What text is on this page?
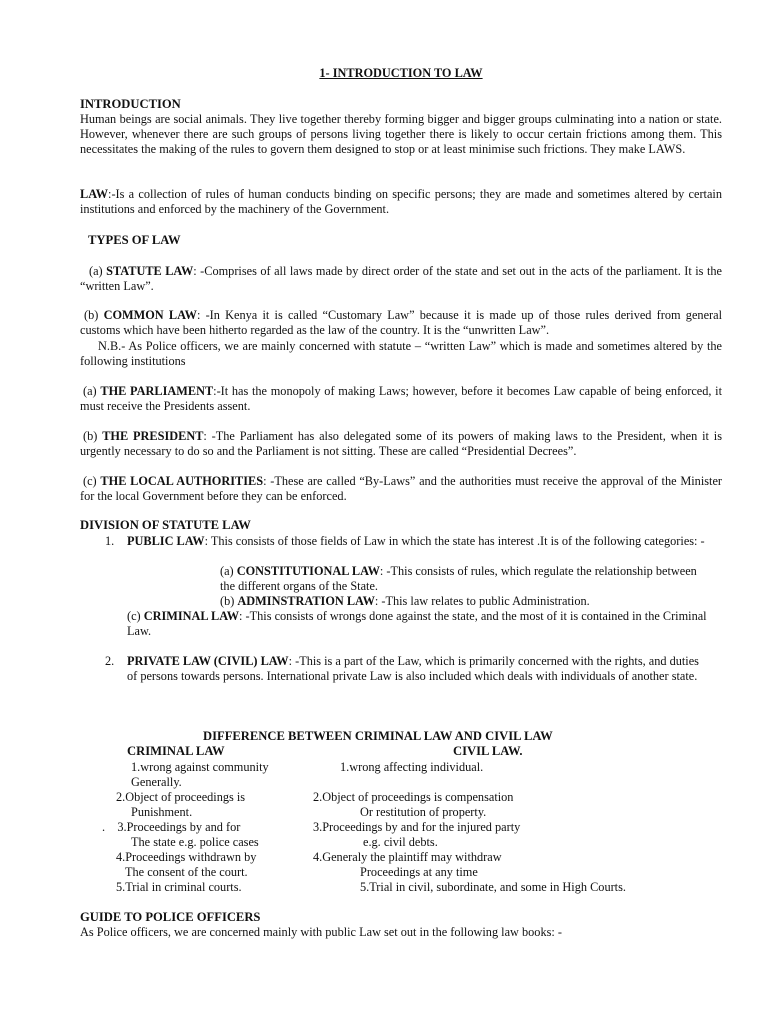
1- INTRODUCTION TO LAW
INTRODUCTION
Human beings are social animals. They live together thereby forming bigger and bigger groups culminating into a nation or state. However, whenever there are such groups of persons living together there is likely to occur certain frictions among them. This necessitates the making of the rules to govern them designed to stop or at least minimise such frictions. They make LAWS.
LAW:-Is a collection of rules of human conducts binding on specific persons; they are made and sometimes altered by certain institutions and enforced by the machinery of the Government.
TYPES OF LAW
(a) STATUTE LAW: -Comprises of all laws made by direct order of the state and set out in the acts of the parliament. It is the “written Law”.
(b) COMMON LAW: -In Kenya it is called “Customary Law” because it is made up of those rules derived from general customs which have been hitherto regarded as the law of the country. It is the “unwritten Law”.
N.B.- As Police officers, we are mainly concerned with statute – “written Law” which is made and sometimes altered by the following institutions
(a) THE PARLIAMENT:-It has the monopoly of making Laws; however, before it becomes Law capable of being enforced, it must receive the Presidents assent.
(b) THE PRESIDENT: -The Parliament has also delegated some of its powers of making laws to the President, when it is urgently necessary to do so and the Parliament is not sitting. These are called “Presidential Decrees”.
(c) THE LOCAL AUTHORITIES: -These are called “By-Laws” and the authorities must receive the approval of the Minister for the local Government before they can be enforced.
DIVISION OF STATUTE LAW
1. PUBLIC LAW: This consists of those fields of Law in which the state has interest .It is of the following categories: -
(a) CONSTITUTIONAL LAW: -This consists of rules, which regulate the relationship between the different organs of the State.
(b) ADMINSTRATION LAW: -This law relates to public Administration.
(c) CRIMINAL LAW: -This consists of wrongs done against the state, and the most of it is contained in the Criminal Law.
2. PRIVATE LAW (CIVIL) LAW: -This is a part of the Law, which is primarily concerned with the rights, and duties of persons towards persons. International private Law is also included which deals with individuals of another state.
DIFFERENCE BETWEEN CRIMINAL LAW AND CIVIL LAW
CRIMINAL LAW	CIVIL LAW.
1.wrong against community	1.wrong affecting individual.
Generally.
2.Object of proceedings is	2.Object of proceedings is compensation
Punishment.	Or restitution of property.
.    3.Proceedings by and for	3.Proceedings by and for the injured party
The state e.g. police cases	e.g. civil debts.
4.Proceedings withdrawn by	4.Generaly the plaintiff may withdraw
The consent of the court.	Proceedings at any time
5.Trial in criminal courts.	5.Trial in civil, subordinate, and some in High Courts.
GUIDE TO POLICE OFFICERS
As Police officers, we are concerned mainly with public Law set out in the following law books: -
